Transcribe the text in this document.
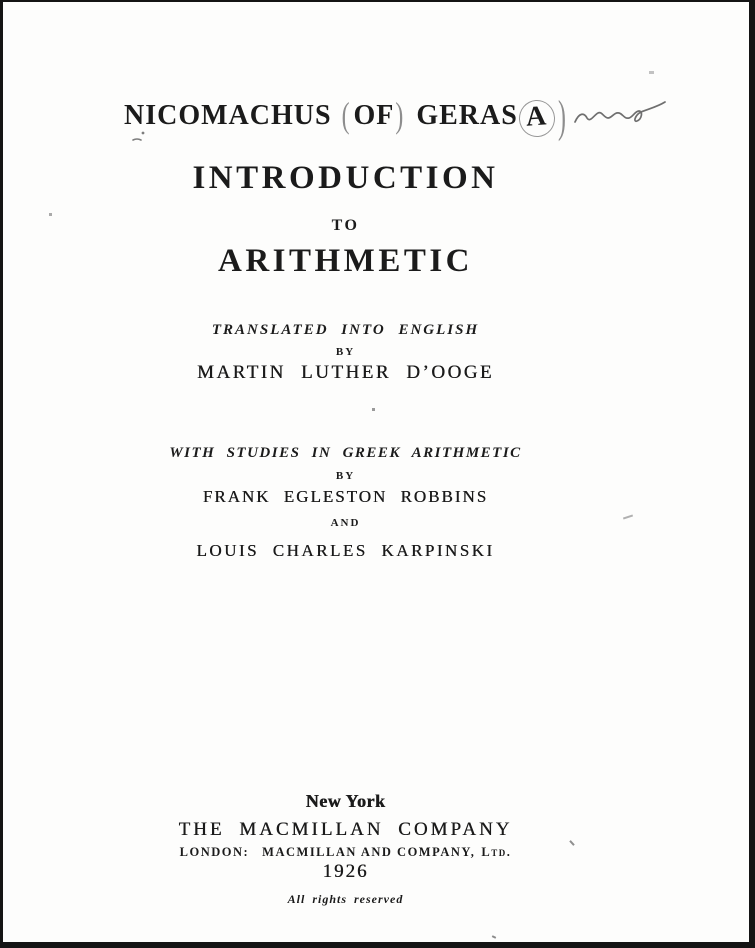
NICOMACHUS ( OF) GERAS A )
INTRODUCTION
TO
ARITHMETIC
TRANSLATED INTO ENGLISH
BY
MARTIN LUTHER D’OOGE
WITH STUDIES IN GREEK ARITHMETIC
BY
FRANK EGLESTON ROBBINS
AND
LOUIS CHARLES KARPINSKI
New York
THE MACMILLAN COMPANY
LONDON: MACMILLAN AND COMPANY, Ltd.
1926
All rights reserved
